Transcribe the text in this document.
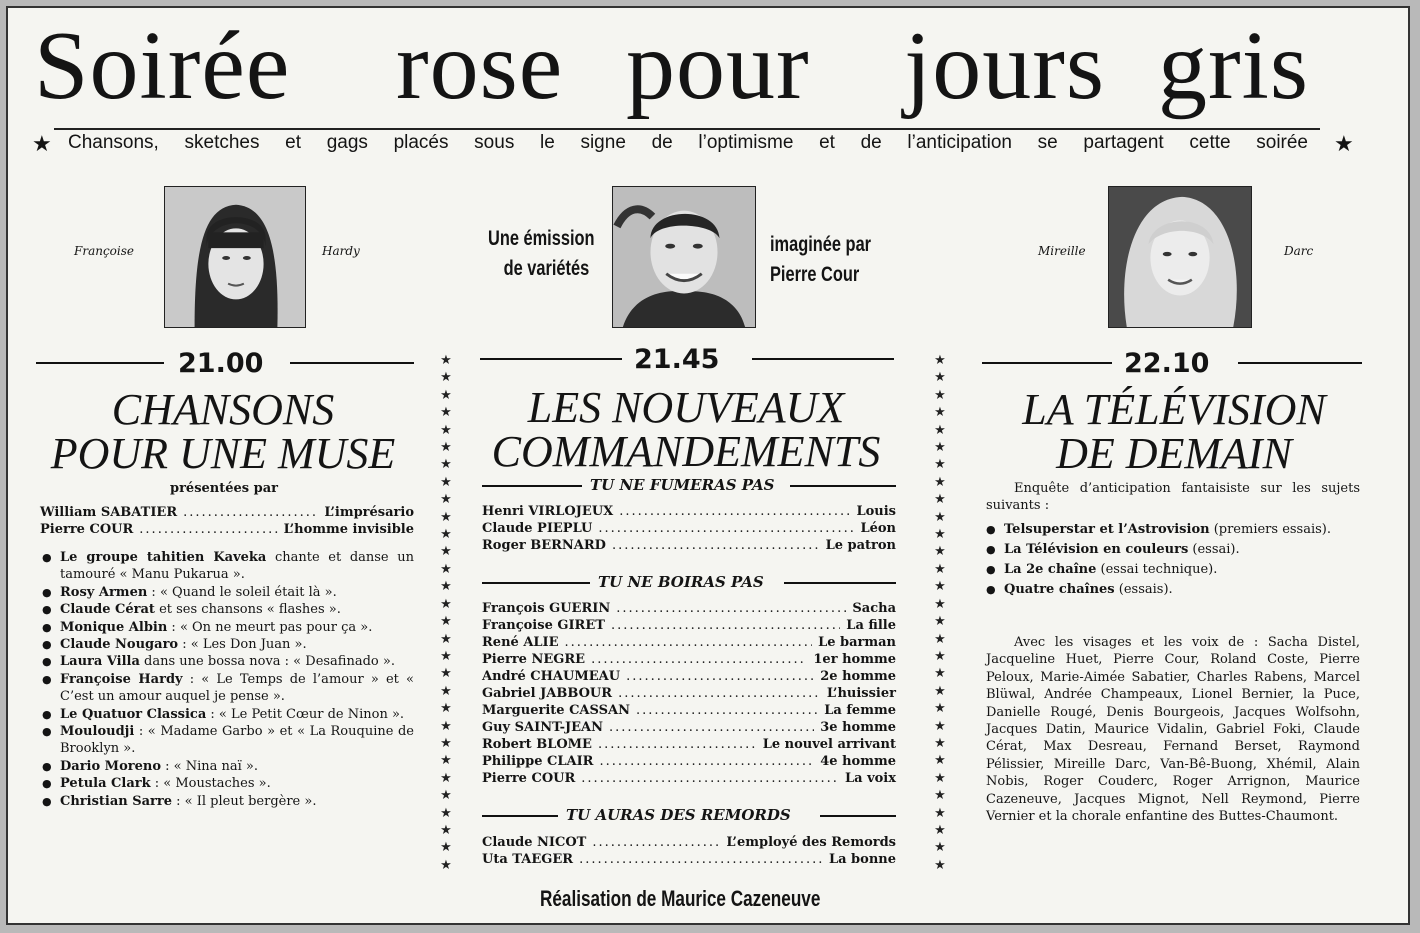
Soirée rose pour jours gris
★ Chansons, sketches et gags placés sous le signe de l’optimisme et de l’anticipation se partagent cette soirée ★
Françoise	Hardy
21.00
CHANSONS
POUR UNE MUSE
présentées par
William SABATIER .....	L’imprésario
Pierre COUR .....	L’homme invisible
● Le groupe tahitien Kaveka chante et danse un tamouré « Manu Pukarua ».
● Rosy Armen : « Quand le soleil était là ».
● Claude Cérat et ses chansons « flashes ».
● Monique Albin : « On ne meurt pas pour ça ».
● Claude Nougaro : « Les Don Juan ».
● Laura Villa dans une bossa nova : « Desafinado ».
● Françoise Hardy : « Le Temps de l’amour » et « C’est un amour auquel je pense ».
● Le Quatuor Classica : « Le Petit Cœur de Ninon ».
● Mouloudji : « Madame Garbo » et « La Rouquine de Brooklyn ».
● Dario Moreno : « Nina naï ».
● Petula Clark : « Moustaches ».
● Christian Sarre : « Il pleut bergère ».
★
★
★
★
★
★
★
★
★
★
★
★
★
★
★
★
★
★
★
★
★
★
★
★
★
★
★
★
★
★
Une émission
de variétés
imaginée par
Pierre Cour
21.45
LES NOUVEAUX
COMMANDEMENTS
TU NE FUMERAS PAS
Henri VIRLOJEUX .....	Louis
Claude PIEPLU .....	Léon
Roger BERNARD .....	Le patron
TU NE BOIRAS PAS
François GUERIN .....	Sacha
Françoise GIRET .....	La fille
René ALIE .....	Le barman
Pierre NEGRE .....	1er homme
André CHAUMEAU .....	2e homme
Gabriel JABBOUR .....	L’huissier
Marguerite CASSAN .....	La femme
Guy SAINT-JEAN .....	3e homme
Robert BLOME .....	Le nouvel arrivant
Philippe CLAIR .....	4e homme
Pierre COUR .....	La voix
TU AURAS DES REMORDS
Claude NICOT .....	L’employé des Remords
Uta TAEGER .....	La bonne
Réalisation de Maurice Cazeneuve
★
★
★
★
★
★
★
★
★
★
★
★
★
★
★
★
★
★
★
★
★
★
★
★
★
★
★
★
★
★
Mireille	Darc
22.10
LA TÉLÉVISION
DE DEMAIN
Enquête d’anticipation fantaisiste sur les sujets suivants :
● Telsuperstar et l’Astrovision (premiers essais).
● La Télévision en couleurs (essai).
● La 2e chaîne (essai technique).
● Quatre chaînes (essais).
Avec les visages et les voix de : Sacha Distel, Jacqueline Huet, Pierre Cour, Roland Coste, Pierre Peloux, Marie-Aimée Sabatier, Charles Rabens, Marcel Blüwal, Andrée Champeaux, Lionel Bernier, la Puce, Danielle Rougé, Denis Bourgeois, Jacques Wolfsohn, Jacques Datin, Maurice Vidalin, Gabriel Foki, Claude Cérat, Max Desreau, Fernand Berset, Raymond Pélissier, Mireille Darc, Van-Bê-Buong, Xhémil, Alain Nobis, Roger Couderc, Roger Arrignon, Maurice Cazeneuve, Jacques Mignot, Nell Reymond, Pierre Vernier et la chorale enfantine des Buttes-Chaumont.
